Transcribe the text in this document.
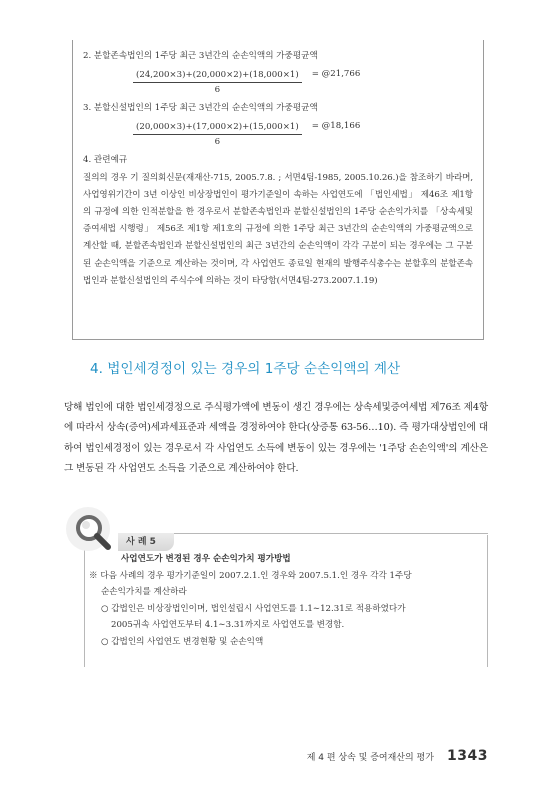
2. 분할존속법인의 1주당 최근 3년간의 순손익액의 가중평균액

$\frac{(24,200\times 3)+(20,000\times 2)+(18,000\times 1)}{6}$ = @21,766

3. 분할신설법인의 1주당 최근 3년간의 순손익액의 가중평균액

$\frac{(20,000\times 3)+(17,000\times 2)+(15,000\times 1)}{6}$ = @18,166

4. 관련예규

질의의 경우 기 질의회신문(재재산-715, 2005.7.8. ; 서면4팀-1985, 2005.10.26.)을 참조하기 바라며, 사업영위기간이 3년 이상인 비상장법인이 평가기준일이 속하는 사업연도에 「법인세법」 제46조 제1항의 규정에 의한 인적분할을 한 경우로서 분할존속법인과 분할신설법인의 1주당 순손익가치를 「상속세및증여세법 시행령」 제56조 제1항 제1호의 규정에 의한 1주당 최근 3년간의 순손익액의 가중평균액으로 계산할 때, 분할존속법인과 분할신설법인의 최근 3년간의 순손익액이 각각 구분이 되는 경우에는 그 구분된 순손익액을 기준으로 계산하는 것이며, 각 사업연도 종료일 현재의 발행주식총수는 분할후의 분할존속법인과 분할신설법인의 주식수에 의하는 것이 타당함(서면4팀-273.2007.1.19)

4. 법인세경정이 있는 경우의 1주당 순손익액의 계산

당해 법인에 대한 법인세경정으로 주식평가액에 변동이 생긴 경우에는 상속세및증여세법 제76조 제4항에 따라서 상속(증여)세과세표준과 세액을 경정하여야 한다(상증통 63-56…10). 즉 평가대상법인에 대하여 법인세경정이 있는 경우로서 각 사업연도 소득에 변동이 있는 경우에는 '1주당 손손익액'의 계산은 그 변동된 각 사업연도 소득을 기준으로 계산하여야 한다.

사업연도가 변경된 경우 순손익가치 평가방법

※ 다음 사례의 경우 평가기준일이 2007.2.1.인 경우와 2007.5.1.인 경우 각각 1주당

순손익가치를 계산하라

○ 갑법인은 비상장법인이며, 법인설립시 사업연도를 1.1∼12.31로 적용하였다가

2005귀속 사업연도부터 4.1∼3.31까지로 사업연도를 변경함.

○ 갑법인의 사업연도 변경현황 및 순손익액

사 례 5
제 4 편 상속 및 증여재산의 평가 1343
